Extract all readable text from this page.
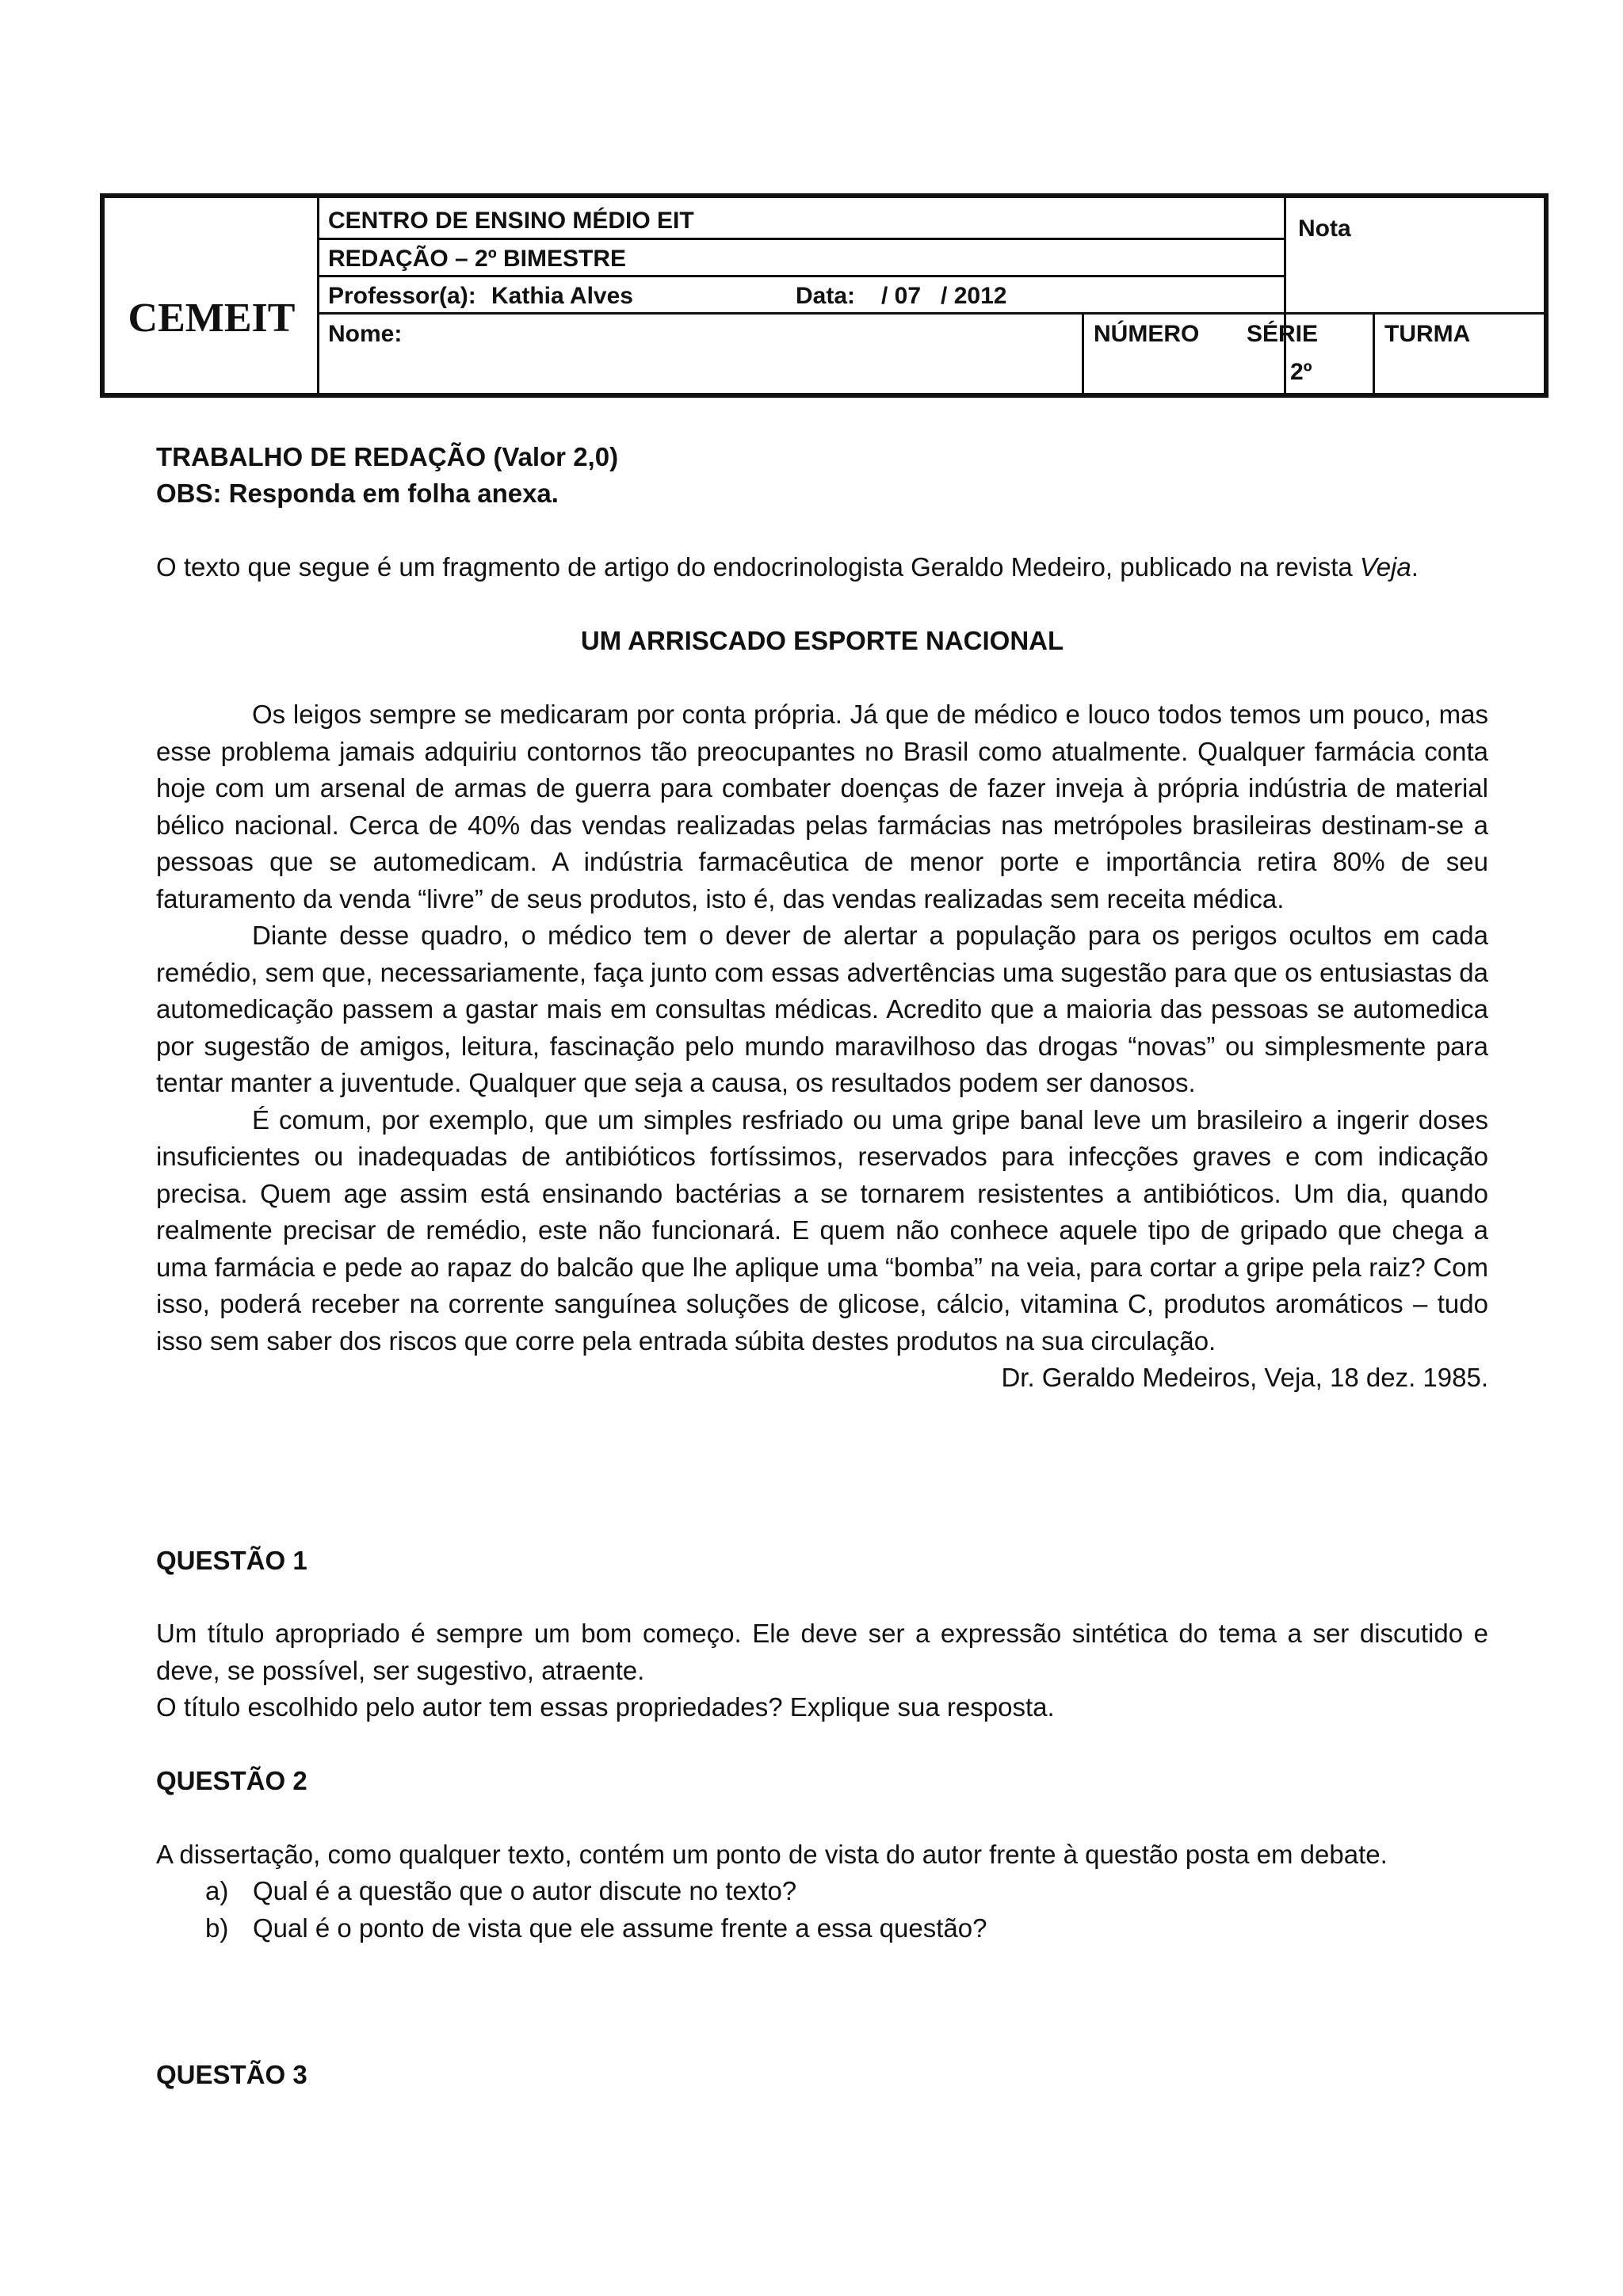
CEMEIT
CENTRO DE ENSINO MÉDIO EIT
REDAÇÃO – 2º BIMESTRE
Professor(a): Kathia Alves	Data: / 07   / 2012
Nota
Nome:	NÚMERO SÉRIE
2º
TURMA
TRABALHO DE REDAÇÃO (Valor 2,0)
OBS: Responda em folha anexa.
O texto que segue é um fragmento de artigo do endocrinologista Geraldo Medeiro, publicado na revista Veja.
UM ARRISCADO ESPORTE NACIONAL
Os leigos sempre se medicaram por conta própria. Já que de médico e louco todos temos um pouco, mas esse problema jamais adquiriu contornos tão preocupantes no Brasil como atualmente. Qualquer farmácia conta hoje com um arsenal de armas de guerra para combater doenças de fazer inveja à própria indústria de material bélico nacional. Cerca de 40% das vendas realizadas pelas farmácias nas metrópoles brasileiras destinam-se a pessoas que se automedicam. A indústria farmacêutica de menor porte e importância retira 80% de seu faturamento da venda “livre” de seus produtos, isto é, das vendas realizadas sem receita médica.
Diante desse quadro, o médico tem o dever de alertar a população para os perigos ocultos em cada remédio, sem que, necessariamente, faça junto com essas advertências uma sugestão para que os entusiastas da automedicação passem a gastar mais em consultas médicas. Acredito que a maioria das pessoas se automedica por sugestão de amigos, leitura, fascinação pelo mundo maravilhoso das drogas “novas” ou simplesmente para tentar manter a juventude. Qualquer que seja a causa, os resultados podem ser danosos.
É comum, por exemplo, que um simples resfriado ou uma gripe banal leve um brasileiro a ingerir doses insuficientes ou inadequadas de antibióticos fortíssimos, reservados para infecções graves e com indicação precisa. Quem age assim está ensinando bactérias a se tornarem resistentes a antibióticos. Um dia, quando realmente precisar de remédio, este não funcionará. E quem não conhece aquele tipo de gripado que chega a uma farmácia e pede ao rapaz do balcão que lhe aplique uma “bomba” na veia, para cortar a gripe pela raiz? Com isso, poderá receber na corrente sanguínea soluções de glicose, cálcio, vitamina C, produtos aromáticos – tudo isso sem saber dos riscos que corre pela entrada súbita destes produtos na sua circulação.
Dr. Geraldo Medeiros, Veja, 18 dez. 1985.
QUESTÃO 1
Um título apropriado é sempre um bom começo. Ele deve ser a expressão sintética do tema a ser discutido e deve, se possível, ser sugestivo, atraente.
O título escolhido pelo autor tem essas propriedades? Explique sua resposta.
QUESTÃO 2
A dissertação, como qualquer texto, contém um ponto de vista do autor frente à questão posta em debate.
a) Qual é a questão que o autor discute no texto?
b) Qual é o ponto de vista que ele assume frente a essa questão?
QUESTÃO 3
